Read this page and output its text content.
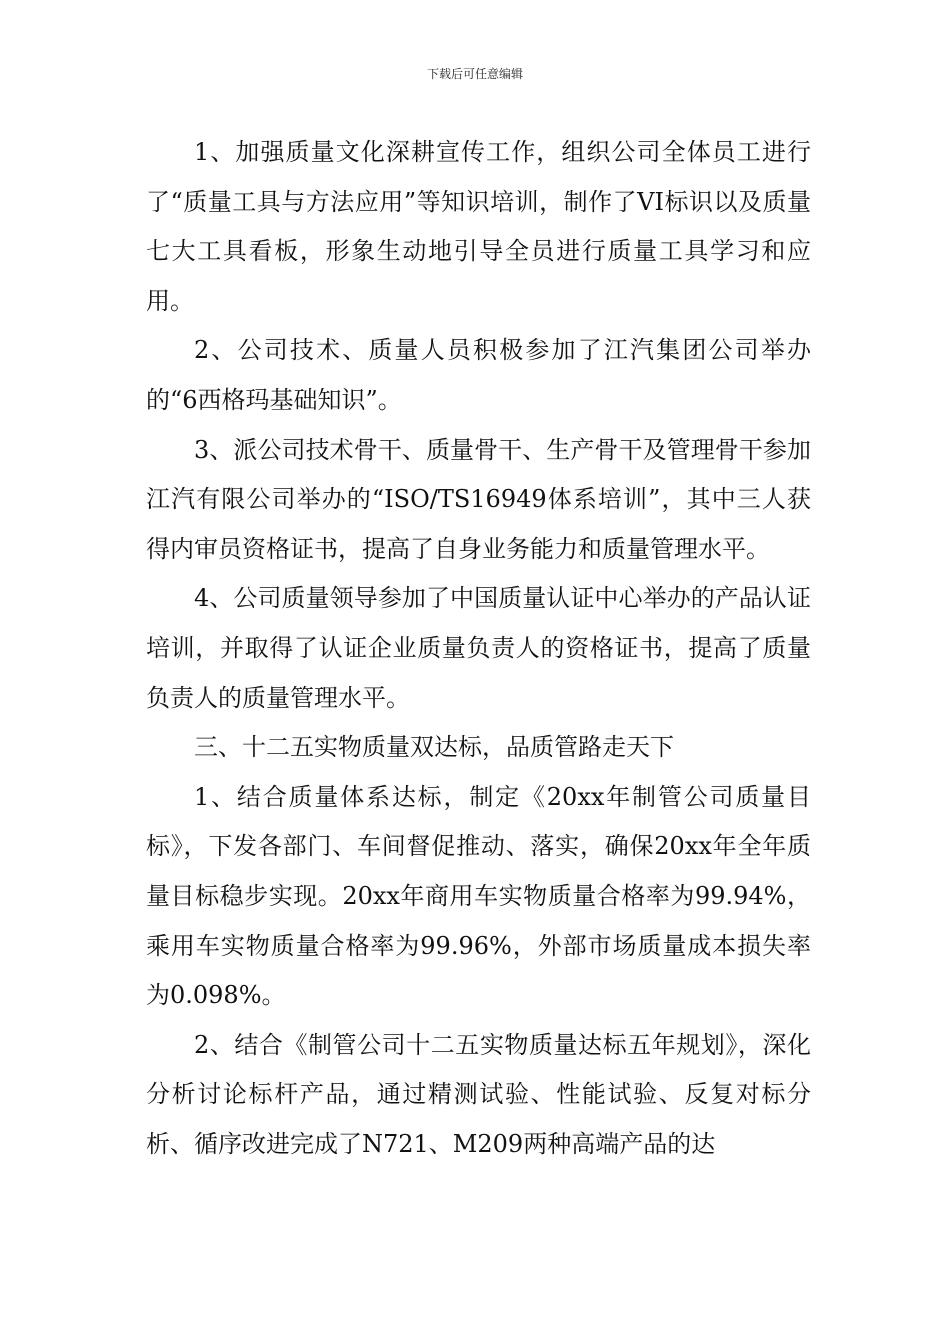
下载后可任意编辑

1、加强质量文化深耕宣传工作，组织公司全体员工进行了“质量工具与方法应用”等知识培训，制作了VI标识以及质量七大工具看板，形象生动地引导全员进行质量工具学习和应用。

2、公司技术、质量人员积极参加了江汽集团公司举办的“6西格玛基础知识”。

3、派公司技术骨干、质量骨干、生产骨干及管理骨干参加江汽有限公司举办的“ISO/TS16949体系培训”，其中三人获得内审员资格证书，提高了自身业务能力和质量管理水平。

4、公司质量领导参加了中国质量认证中心举办的产品认证培训，并取得了认证企业质量负责人的资格证书，提高了质量负责人的质量管理水平。

三、十二五实物质量双达标，品质管路走天下

1、结合质量体系达标，制定《20xx年制管公司质量目标》，下发各部门、车间督促推动、落实，确保20xx年全年质量目标稳步实现。20xx年商用车实物质量合格率为99.94%，乘用车实物质量合格率为99.96%，外部市场质量成本损失率为0.098%。

2、结合《制管公司十二五实物质量达标五年规划》，深化分析讨论标杆产品，通过精测试验、性能试验、反复对标分析、循序改进完成了N721、M209两种高端产品的达
